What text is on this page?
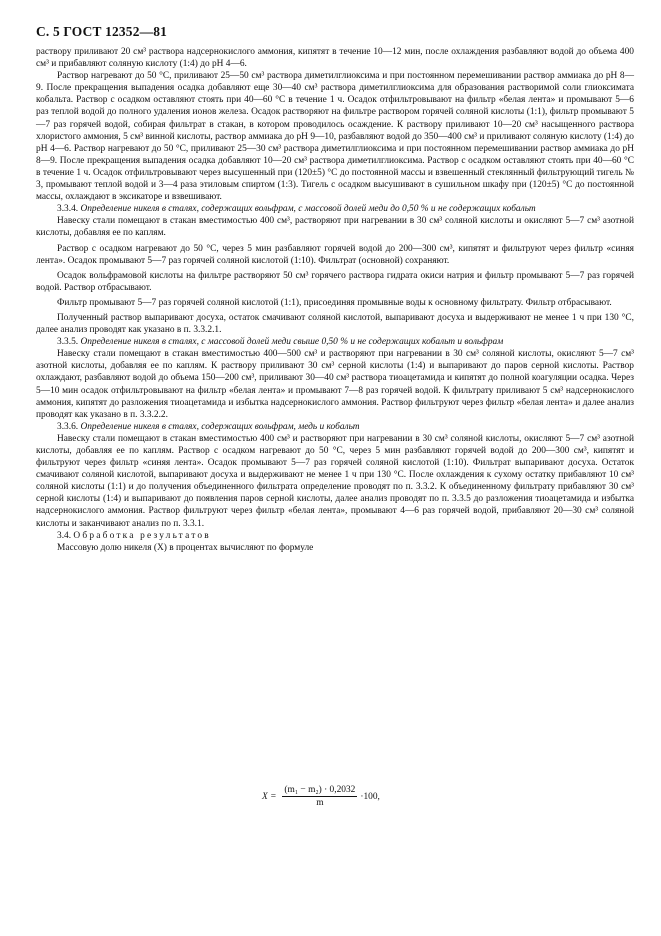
С. 5 ГОСТ 12352—81

раствору приливают 20 см³ раствора надсернокислого аммония, кипятят в течение 10—12 мин, после охлаждения разбавляют водой до объема 400 см³ и прибавляют соляную кислоту (1:4) до pH 4—6.

Раствор нагревают до 50 °С, приливают 25—50 см³ раствора диметилглиоксима и при постоянном перемешивании раствор аммиака до pH 8—9. После прекращения выпадения осадка добавляют еще 30—40 см³ раствора диметилглиоксима для образования растворимой соли глиоксимата кобальта. Раствор с осадком оставляют стоять при 40—60 °С в течение 1 ч. Осадок отфильтровывают на фильтр «белая лента» и промывают 5—6 раз теплой водой до полного удаления ионов железа. Осадок растворяют на фильтре раствором горячей соляной кислоты (1:1), фильтр промывают 5—7 раз горячей водой, собирая фильтрат в стакан, в котором проводилось осаждение. К раствору приливают 10—20 см³ насыщенного раствора хлористого аммония, 5 см³ винной кислоты, раствор аммиака до pH 9—10, разбавляют водой до 350—400 см³ и приливают соляную кислоту (1:4) до pH 4—6. Раствор нагревают до 50 °С, приливают 25—30 см³ раствора диметилглиоксима и при постоянном перемешивании раствор аммиака до pH 8—9. После прекращения выпадения осадка добавляют 10—20 см³ раствора диметилглиоксима. Раствор с осадком оставляют стоять при 40—60 °С в течение 1 ч. Осадок отфильтровывают через высушенный при (120±5) °С до постоянной массы и взвешенный стеклянный фильтрующий тигель № 3, промывают теплой водой и 3—4 раза этиловым спиртом (1:3). Тигель с осадком высушивают в сушильном шкафу при (120±5) °С до постоянной массы, охлаждают в эксикаторе и взвешивают.

3.3.4. Определение никеля в сталях, содержащих вольфрам, с массовой долей меди до 0,50 % и не содержащих кобальт

Навеску стали помещают в стакан вместимостью 400 см³, растворяют при нагревании в 30 см³ соляной кислоты и окисляют 5—7 см³ азотной кислоты, добавляя ее по каплям.

Раствор с осадком нагревают до 50 °С, через 5 мин разбавляют горячей водой до 200—300 см³, кипятят и фильтруют через фильтр «синяя лента». Осадок промывают 5—7 раз горячей соляной кислотой (1:10). Фильтрат (основной) сохраняют.

Осадок вольфрамовой кислоты на фильтре растворяют 50 см³ горячего раствора гидрата окиси натрия и фильтр промывают 5—7 раз горячей водой. Раствор отбрасывают.

Фильтр промывают 5—7 раз горячей соляной кислотой (1:1), присоединяя промывные воды к основному фильтрату. Фильтр отбрасывают.

Полученный раствор выпаривают досуха, остаток смачивают соляной кислотой, выпаривают досуха и выдерживают не менее 1 ч при 130 °С, далее анализ проводят как указано в п. 3.3.2.1.

3.3.5. Определение никеля в сталях, с массовой долей меди свыше 0,50 % и не содержащих кобальт и вольфрам

Навеску стали помещают в стакан вместимостью 400—500 см³ и растворяют при нагревании в 30 см³ соляной кислоты, окисляют 5—7 см³ азотной кислоты, добавляя ее по каплям. К раствору приливают 30 см³ серной кислоты (1:4) и выпаривают до паров серной кислоты. Раствор охлаждают, разбавляют водой до объема 150—200 см³, приливают 30—40 см³ раствора тиоацетамида и кипятят до полной коагуляции осадка. Через 5—10 мин осадок отфильтровывают на фильтр «белая лента» и промывают 7—8 раз горячей водой. К фильтрату приливают 5 см³ надсернокислого аммония, кипятят до разложения тиоацетамида и избытка надсернокислого аммония. Раствор фильтруют через фильтр «белая лента» и далее анализ проводят как указано в п. 3.3.2.2.

3.3.6. Определение никеля в сталях, содержащих вольфрам, медь и кобальт

Навеску стали помещают в стакан вместимостью 400 см³ и растворяют при нагревании в 30 см³ соляной кислоты, окисляют 5—7 см³ азотной кислоты, добавляя ее по каплям. Раствор с осадком нагревают до 50 °С, через 5 мин разбавляют горячей водой до 200—300 см³, кипятят и фильтруют через фильтр «синяя лента». Осадок промывают 5—7 раз горячей соляной кислотой (1:10). Фильтрат выпаривают досуха. Остаток смачивают соляной кислотой, выпаривают досуха и выдерживают не менее 1 ч при 130 °С. После охлаждения к сухому остатку прибавляют 10 см³ соляной кислоты (1:1) и до получения объединенного фильтрата определение проводят по п. 3.3.2. К объединенному фильтрату прибавляют 30 см³ серной кислоты (1:4) и выпаривают до появления паров серной кислоты, далее анализ проводят по п. 3.3.5 до разложения тиоацетамида и избытка надсернокислого аммония. Раствор фильтруют через фильтр «белая лента», промывают 4—6 раз горячей водой, прибавляют 20—30 см³ соляной кислоты и заканчивают анализ по п. 3.3.1.

3.4. Обработка результатов

Массовую долю никеля (X) в процентах вычисляют по формуле

$X = \frac{\text{(m₁ − m₂) · 0,2032}}{m} \cdot 100$,
